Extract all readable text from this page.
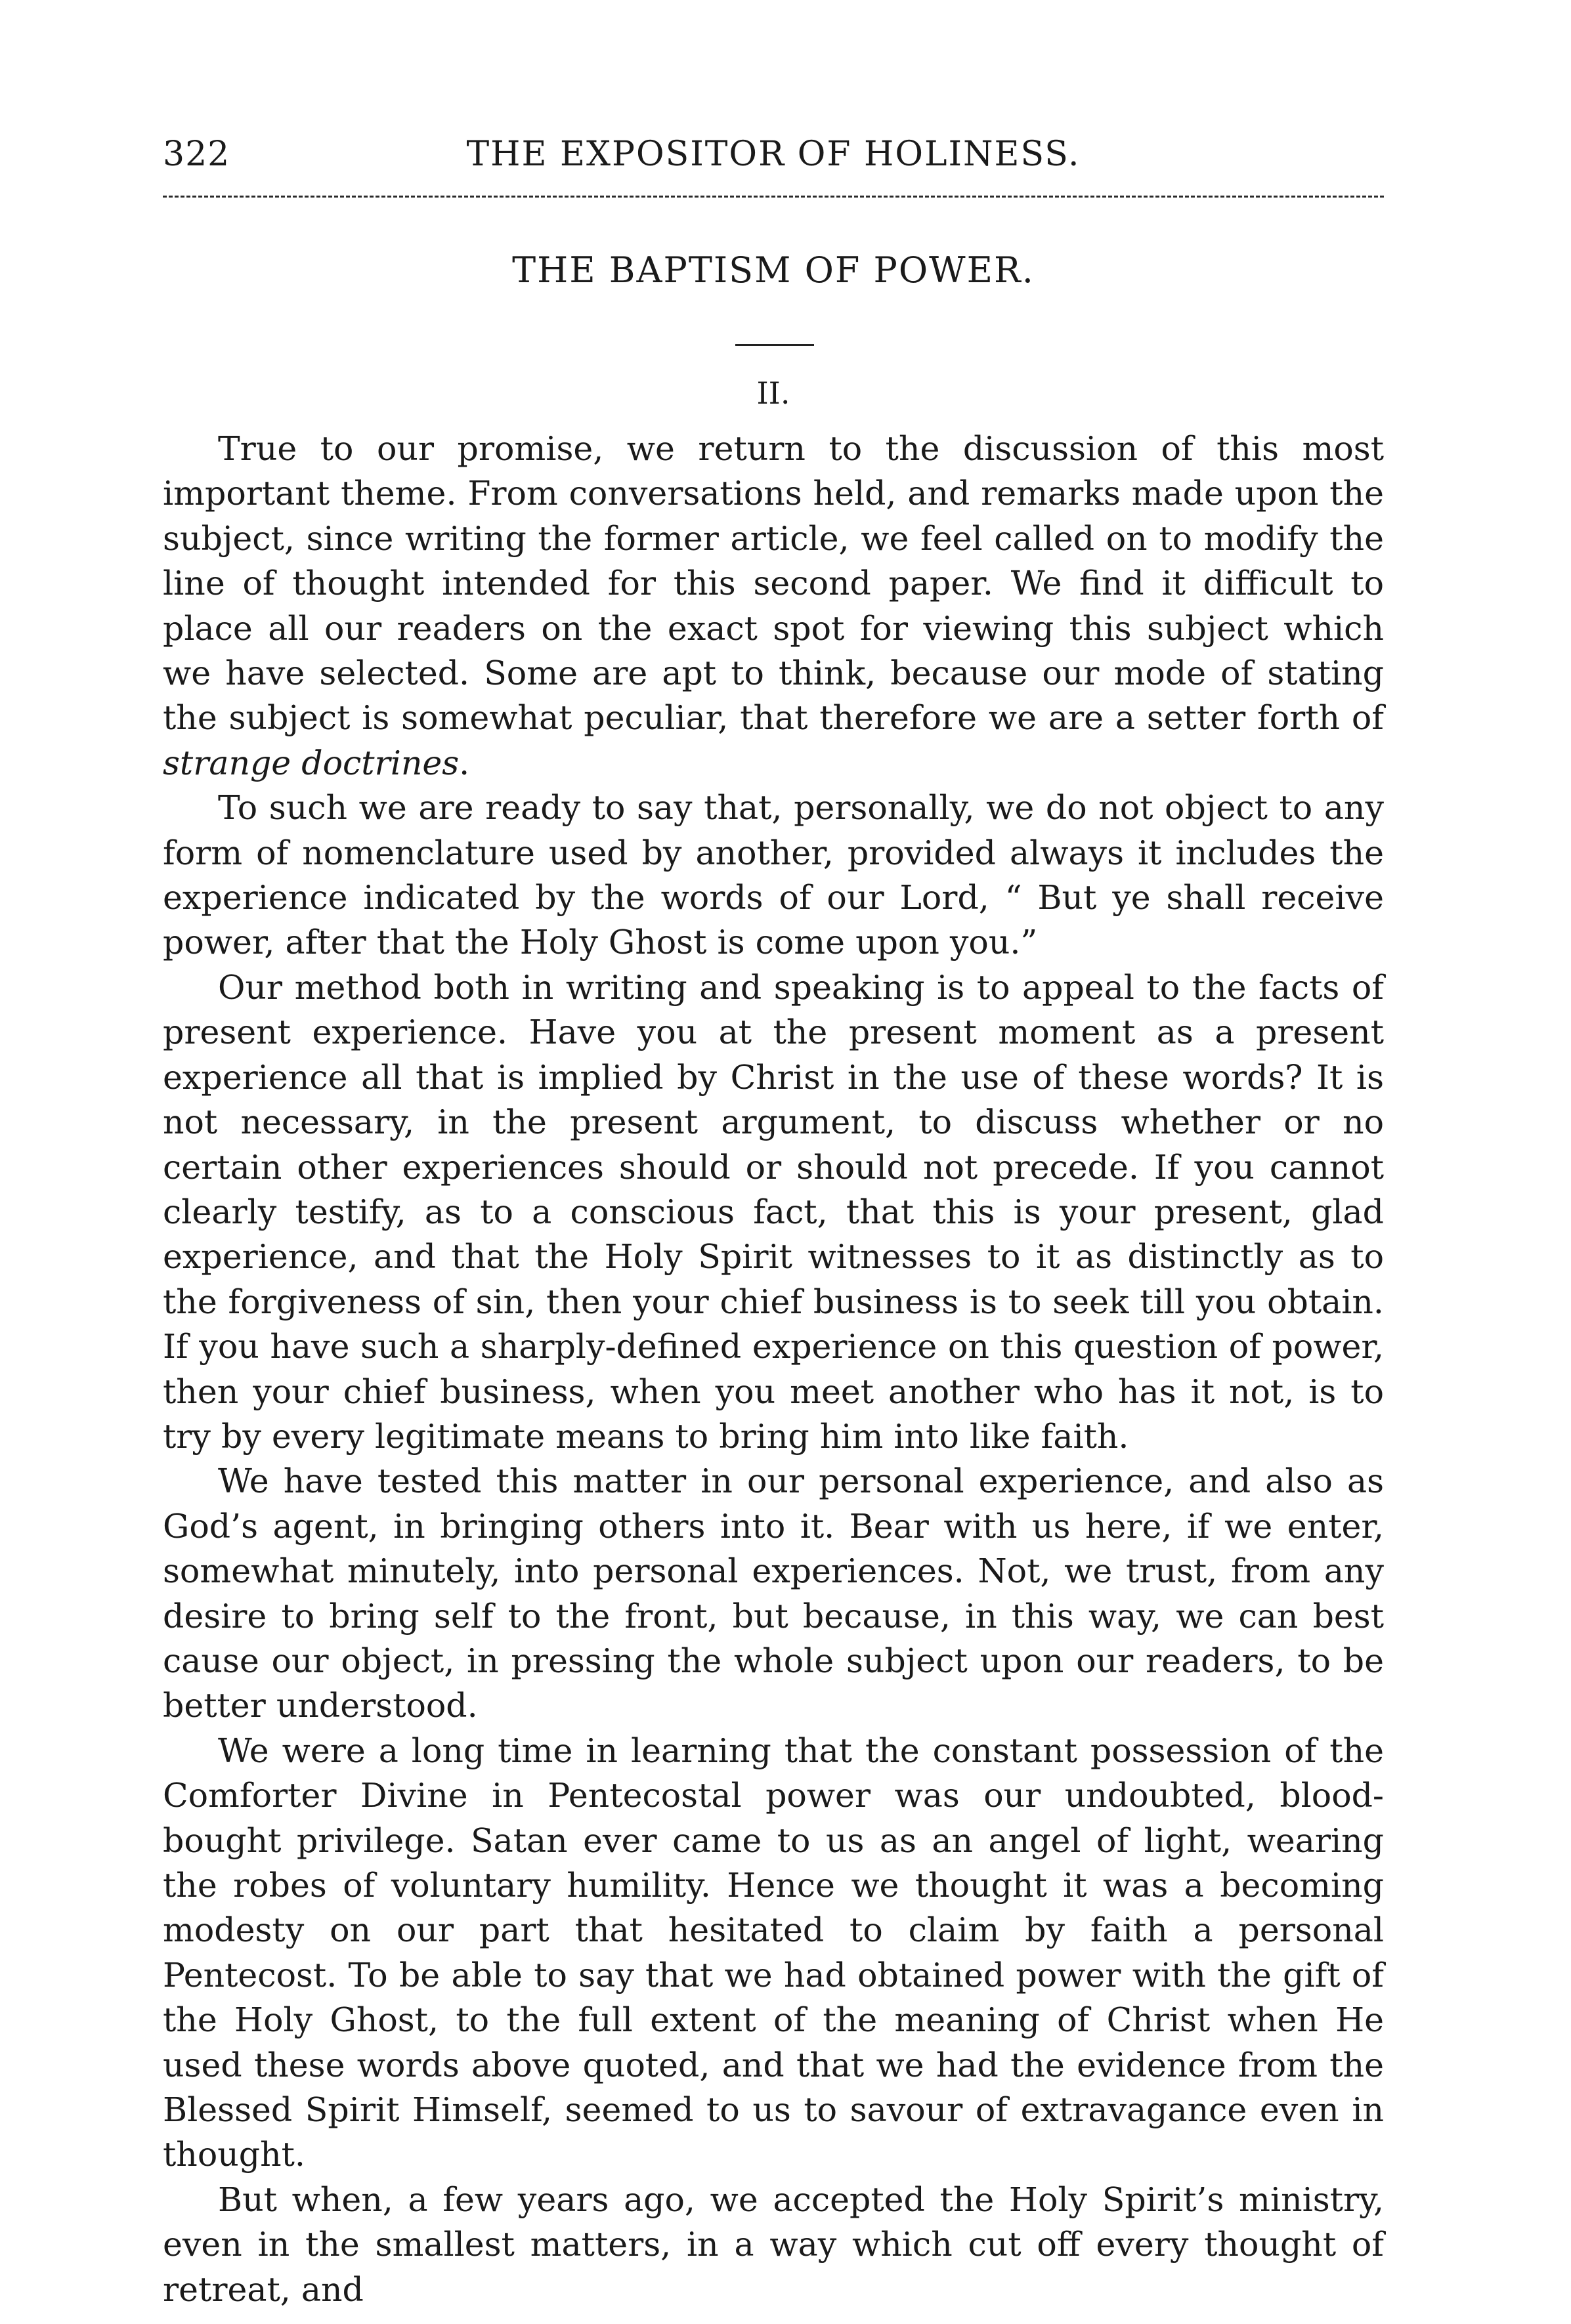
322	THE EXPOSITOR OF HOLINESS.
THE BAPTISM OF POWER.
II.

True to our promise, we return to the discussion of this most important theme. From conversations held, and remarks made upon the subject, since writing the former article, we feel called on to modify the line of thought intended for this second paper. We find it difficult to place all our readers on the exact spot for viewing this subject which we have selected. Some are apt to think, because our mode of stating the subject is somewhat peculiar, that therefore we are a setter forth of strange doctrines.

To such we are ready to say that, personally, we do not object to any form of nomenclature used by another, provided always it includes the experience indicated by the words of our Lord, “ But ye shall receive power, after that the Holy Ghost is come upon you.”

Our method both in writing and speaking is to appeal to the facts of present experience. Have you at the present moment as a present experience all that is implied by Christ in the use of these words? It is not necessary, in the present argument, to discuss whether or no certain other experiences should or should not precede. If you cannot clearly testify, as to a conscious fact, that this is your present, glad experience, and that the Holy Spirit witnesses to it as distinctly as to the forgiveness of sin, then your chief business is to seek till you obtain. If you have such a sharply-defined experience on this question of power, then your chief business, when you meet another who has it not, is to try by every legitimate means to bring him into like faith.

We have tested this matter in our personal experience, and also as God’s agent, in bringing others into it. Bear with us here, if we enter, somewhat minutely, into personal experiences. Not, we trust, from any desire to bring self to the front, but because, in this way, we can best cause our object, in pressing the whole subject upon our readers, to be better understood.

We were a long time in learning that the constant possession of the Comforter Divine in Pentecostal power was our undoubted, blood-bought privilege. Satan ever came to us as an angel of light, wearing the robes of voluntary humility. Hence we thought it was a becoming modesty on our part that hesitated to claim by faith a personal Pentecost. To be able to say that we had obtained power with the gift of the Holy Ghost, to the full extent of the meaning of Christ when He used these words above quoted, and that we had the evidence from the Blessed Spirit Himself, seemed to us to savour of extravagance even in thought.

But when, a few years ago, we accepted the Holy Spirit’s ministry, even in the smallest matters, in a way which cut off every thought of retreat, and
